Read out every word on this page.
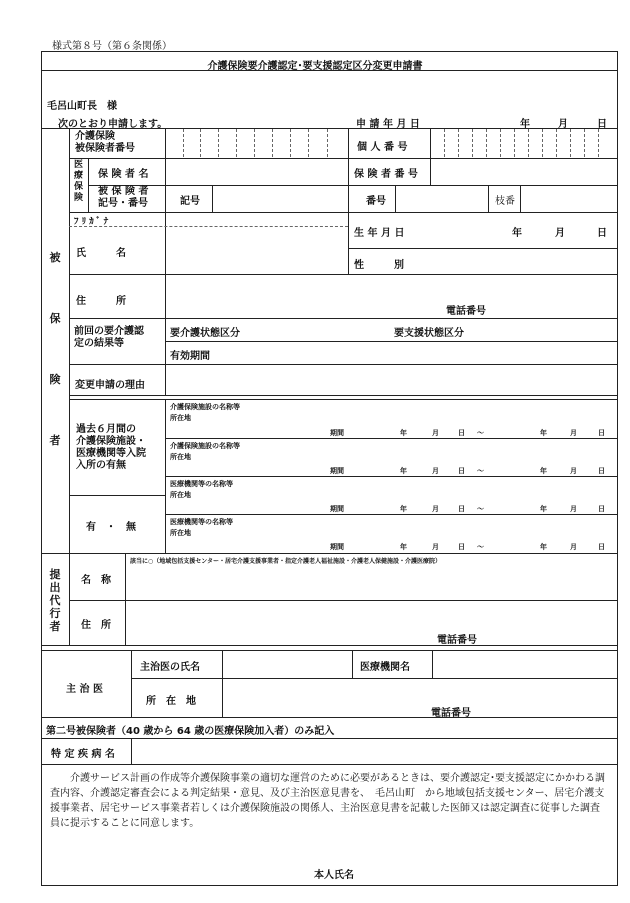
様式第８号（第６条関係）
介護保険要介護認定･要支援認定区分変更申請書
毛呂山町長　様
次のとおり申請します。	申 請 年 月 日	年	月	日
被
保
険
者
介護保険
被保険者番号	個 人 番 号
医療保険
保 険 者 名	保 険 者 番 号
被 保 険 者
記号・番号	記号	番号	枝番
ﾌ ﾘ ｶ ﾞ ﾅ
氏　　　名
生 年 月 日	年	月	日
性　　　別
住　　　所
電話番号
前回の要介護認
定の結果等
要介護状態区分	要支援状態区分
有効期間
変更申請の理由
過去６月間の
介護保険施設・
医療機関等入院
入所の有無
有　・　無
介護保険施設の名称等
所在地
期間	年	月	日 ～	年	月	日
介護保険施設の名称等
所在地
期間	年	月	日 ～	年	月	日
医療機関等の名称等
所在地
期間	年	月	日 ～	年	月	日
医療機関等の名称等
所在地
期間	年	月	日 ～	年	月	日
提
出
代
行
者
名　称
該当に○（地域包括支援センター・居宅介護支援事業者・指定介護老人福祉施設・介護老人保健施設・介護医療院）
住　所
電話番号
主 治 医
主治医の氏名	医療機関名
所　在　地
電話番号
第二号被保険者（40 歳から 64 歳の医療保険加入者）のみ記入
特 定 疾 病 名
介護サービス計画の作成等介護保険事業の適切な運営のために必要があるときは、要介護認定･要支援認定にかかわる調査内容、介護認定審査会による判定結果・意見、及び主治医意見書を、　毛呂山町　から地域包括支援センター、居宅介護支援事業者、居宅サービス事業者若しくは介護保険施設の関係人、主治医意見書を記載した医師又は認定調査に従事した調査員に提示することに同意します。
本人氏名
